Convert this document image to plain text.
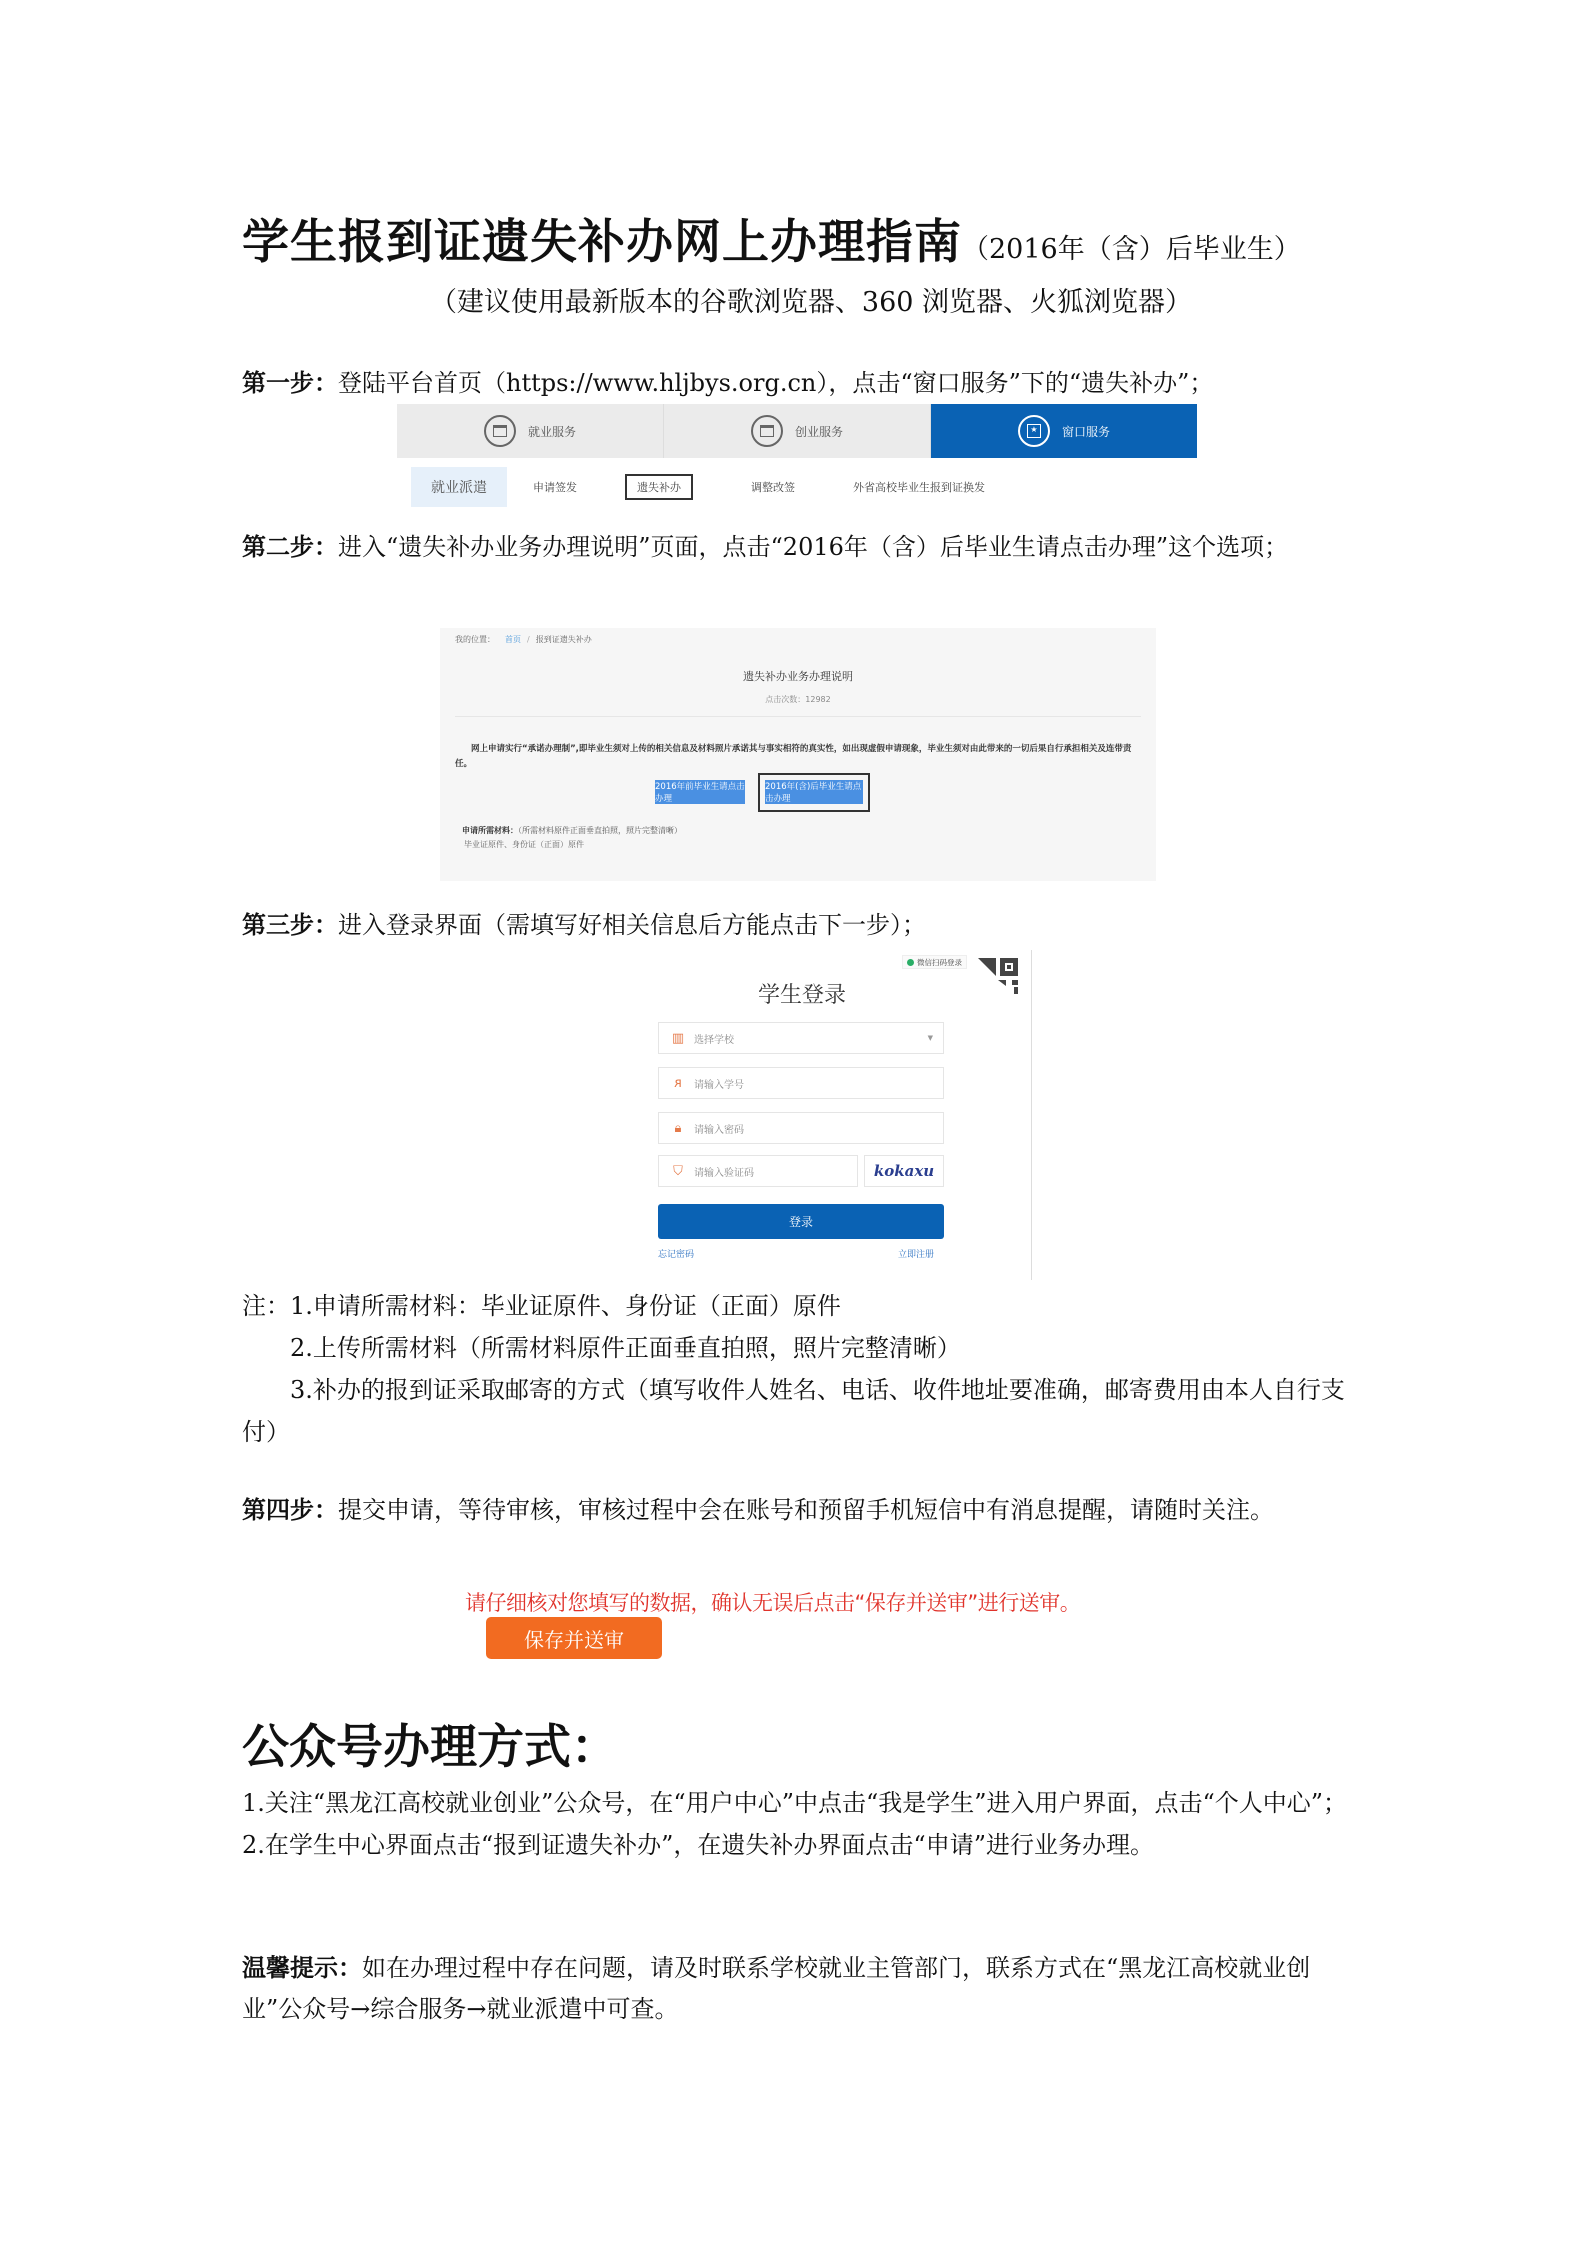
学生报到证遗失补办网上办理指南（2016年（含）后毕业生）
（建议使用最新版本的谷歌浏览器、360 浏览器、火狐浏览器）
第一步：登陆平台首页（https://www.hljbys.org.cn），点击“窗口服务”下的“遗失补办”；
就业服务	创业服务	★ 窗口服务
就业派遣	申请签发	遗失补办	调整改签	外省高校毕业生报到证换发
第二步：进入“遗失补办业务办理说明”页面，点击“2016年（含）后毕业生请点击办理”这个选项；
我的位置： 首页 / 报到证遗失补办
遗失补办业务办理说明
点击次数：12982
网上申请实行“承诺办理制”,即毕业生须对上传的相关信息及材料照片承诺其与事实相符的真实性，如出现虚假申请现象，毕业生须对由此带来的一切后果自行承担相关及连带责任。
2016年前毕业生请点击办理
2016年(含)后毕业生请点击办理
申请所需材料：（所需材料原件正面垂直拍照，照片完整清晰）
毕业证原件、身份证（正面）原件
第三步：进入登录界面（需填写好相关信息后方能点击下一步）；
微信扫码登录
学生登录
▥ 选择学校	▼
ᴙ	请输入学号
🔒︎	请输入密码
⛉ 请输入验证码	kokaxu
登录
忘记密码	立即注册
注：1.申请所需材料：毕业证原件、身份证（正面）原件
2.上传所需材料（所需材料原件正面垂直拍照，照片完整清晰）
3.补办的报到证采取邮寄的方式（填写收件人姓名、电话、收件地址要准确，邮寄费用由本人自行支
付）
第四步：提交申请，等待审核，审核过程中会在账号和预留手机短信中有消息提醒，请随时关注。
请仔细核对您填写的数据，确认无误后点击“保存并送审”进行送审。
保存并送审
公众号办理方式：
1.关注“黑龙江高校就业创业”公众号，在“用户中心”中点击“我是学生”进入用户界面，点击“个人中心”；
2.在学生中心界面点击“报到证遗失补办”，在遗失补办界面点击“申请”进行业务办理。
温馨提示：如在办理过程中存在问题，请及时联系学校就业主管部门，联系方式在“黑龙江高校就业创业”公众号→综合服务→就业派遣中可查。
